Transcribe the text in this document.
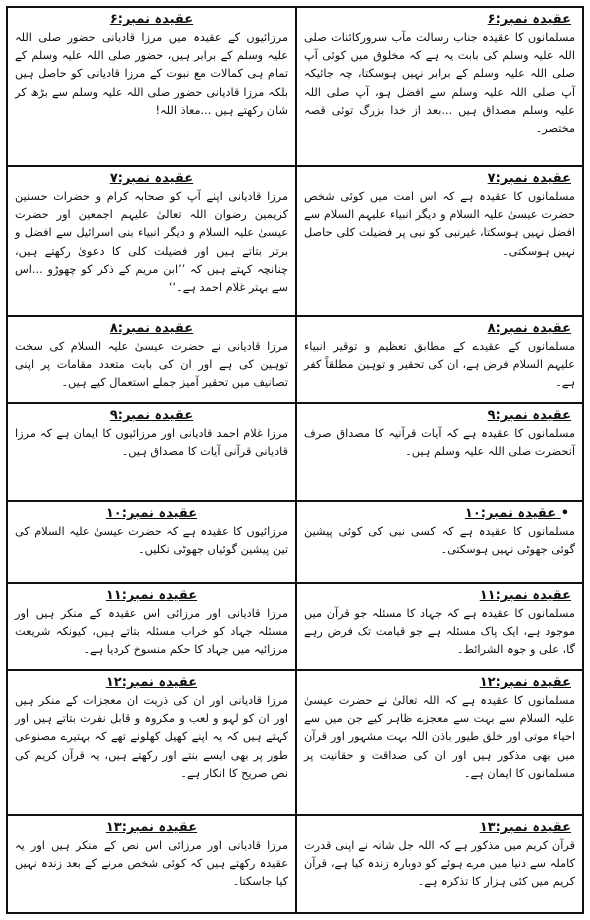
عقیدہ نمبر:۶
مسلمانوں کا عقیدہ جناب رسالت مآب سرورکائنات صلی اللہ علیہ وسلم کی بابت یہ ہے کہ مخلوق میں کوئی آپ صلی اللہ علیہ وسلم کے برابر نہیں ہوسکتا، چہ جائیکہ آپ صلی اللہ علیہ وسلم سے افضل ہو، آپ صلی اللہ علیہ وسلم مصداق ہیں ...بعد از خدا بزرگ توئی قصہ مختصر۔
عقیدہ نمبر:۶
مرزائیوں کے عقیدہ میں مرزا قادیانی حضور صلی اللہ علیہ وسلم کے برابر ہیں، حضور صلی اللہ علیہ وسلم کے تمام ہی کمالات مع نبوت کے مرزا قادیانی کو حاصل ہیں بلکہ مرزا قادیانی حضور صلی اللہ علیہ وسلم سے بڑھ کر شان رکھتے ہیں ...معاذ اللہ!
عقیدہ نمبر:۷
مسلمانوں کا عقیدہ ہے کہ اس امت میں کوئی شخص حضرت عیسیٰ علیہ السلام و دیگر انبیاء علیہم السلام سے افضل نہیں ہوسکتا، غیرنبی کو نبی پر فضیلت کلی حاصل نہیں ہوسکتی۔
عقیدہ نمبر:۷
مرزا قادیانی اپنے آپ کو صحابہ کرام و حضرات حسنین کریمین رضوان اللہ تعالیٰ علیہم اجمعین اور حضرت عیسیٰ علیہ السلام و دیگر انبیاء بنی اسرائیل سے افضل و برتر بتاتے ہیں اور فضیلت کلی کا دعویٰ رکھتے ہیں، چنانچہ کہتے ہیں کہ ’’ابن مریم کے ذکر کو چھوڑو ...اس سے بہتر غلام احمد ہے۔‘‘
عقیدہ نمبر:۸
مسلمانوں کے عقیدے کے مطابق تعظیم و توقیر انبیاء علیہم السلام فرض ہے، ان کی تحقیر و توہین مطلقاً کفر ہے۔
عقیدہ نمبر:۸
مرزا قادیانی نے حضرت عیسیٰ علیہ السلام کی سخت توہین کی ہے اور ان کی بابت متعدد مقامات پر اپنی تصانیف میں تحقیر آمیز جملے استعمال کیے ہیں۔
عقیدہ نمبر:۹
مسلمانوں کا عقیدہ ہے کہ آیات قرآنیہ کا مصداق صرف آنحضرت صلی اللہ علیہ وسلم ہیں۔
عقیدہ نمبر:۹
مرزا غلام احمد قادیانی اور مرزائیوں کا ایمان ہے کہ مرزا قادیانی قرآنی آیات کا مصداق ہیں۔
• عقیدہ نمبر:۱۰
مسلمانوں کا عقیدہ ہے کہ کسی نبی کی کوئی پیشین گوئی جھوٹی نہیں ہوسکتی۔
عقیدہ نمبر:۱۰
مرزائیوں کا عقیدہ ہے کہ حضرت عیسیٰ علیہ السلام کی تین پیشین گوئیاں جھوٹی نکلیں۔
عقیدہ نمبر:۱۱
مسلمانوں کا عقیدہ ہے کہ جہاد کا مسئلہ جو قرآن میں موجود ہے، ایک پاک مسئلہ ہے جو قیامت تک فرض رہے گا، علی و جوہ الشرائط۔
عقیدہ نمبر:۱۱
مرزا قادیانی اور مرزائی اس عقیدہ کے منکر ہیں اور مسئلہ جہاد کو خراب مسئلہ بتاتے ہیں، کیونکہ شریعت مرزائیہ میں جہاد کا حکم منسوخ کردیا ہے۔
عقیدہ نمبر:۱۲
مسلمانوں کا عقیدہ ہے کہ اللہ تعالیٰ نے حضرت عیسیٰ علیہ السلام سے بہت سے معجزے ظاہر کیے جن میں سے احیاء موتی اور خلق طیور باذن اللہ بہت مشہور اور قرآن میں بھی مذکور ہیں اور ان کی صداقت و حقانیت پر مسلمانوں کا ایمان ہے۔
عقیدہ نمبر:۱۲
مرزا قادیانی اور ان کی ذریت ان معجزات کے منکر ہیں اور ان کو لہو و لعب و مکروہ و قابل نفرت بتاتے ہیں اور کہتے ہیں کہ یہ اپنے کھیل کھلونے تھے کہ بہتیرے مصنوعی طور پر بھی ایسے بنتے اور رکھتے ہیں، یہ قرآن کریم کی نص صریح کا انکار ہے۔
عقیدہ نمبر:۱۳
قرآن کریم میں مذکور ہے کہ اللہ جل شانہ نے اپنی قدرت کاملہ سے دنیا میں مرے ہوئے کو دوبارہ زندہ کیا ہے، قرآن کریم میں کئی ہزار کا تذکرہ ہے۔
عقیدہ نمبر:۱۳
مرزا قادیانی اور مرزائی اس نص کے منکر ہیں اور یہ عقیدہ رکھتے ہیں کہ کوئی شخص مرنے کے بعد زندہ نہیں کیا جاسکتا۔
